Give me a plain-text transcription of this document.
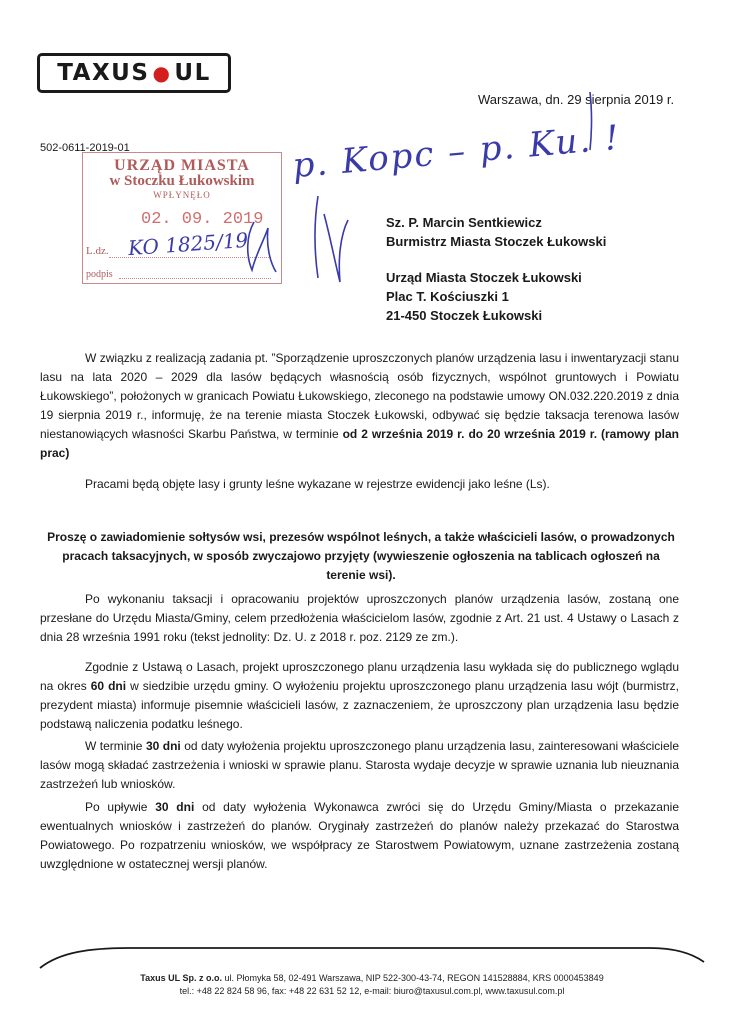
TAXUS ● UL
Warszawa, dn. 29 sierpnia 2019 r.
502-0611-2019-01
URZĄD MIASTA
w Stoczku Łukowskim
WPŁYNĘŁO
02. 09. 2019
L.dz.
podpis
KO 1825/19
p. Kopc – p. Ku. !
Sz. P. Marcin Sentkiewicz
Burmistrz Miasta Stoczek Łukowski
Urząd Miasta Stoczek Łukowski
Plac T. Kościuszki 1
21-450 Stoczek Łukowski
W związku z realizacją zadania pt. ”Sporządzenie uproszczonych planów urządzenia lasu i inwentaryzacji stanu lasu na lata 2020 – 2029 dla lasów będących własnością osób fizycznych, wspólnot gruntowych i Powiatu Łukowskiego”, położonych w granicach Powiatu Łukowskiego, zleconego na podstawie umowy ON.032.220.2019 z dnia 19 sierpnia 2019 r., informuję, że na terenie miasta Stoczek Łukowski, odbywać się będzie taksacja terenowa lasów niestanowiących własności Skarbu Państwa, w terminie od 2 września 2019 r. do 20 września 2019 r. (ramowy plan prac)
Pracami będą objęte lasy i grunty leśne wykazane w rejestrze ewidencji jako leśne (Ls).
Proszę o zawiadomienie sołtysów wsi, prezesów wspólnot leśnych, a także właścicieli lasów, o prowadzonych pracach taksacyjnych, w sposób zwyczajowo przyjęty (wywieszenie ogłoszenia na tablicach ogłoszeń na terenie wsi).
Po wykonaniu taksacji i opracowaniu projektów uproszczonych planów urządzenia lasów, zostaną one przesłane do Urzędu Miasta/Gminy, celem przedłożenia właścicielom lasów, zgodnie z Art. 21 ust. 4 Ustawy o Lasach z dnia 28 września 1991 roku (tekst jednolity: Dz. U. z 2018 r. poz. 2129 ze zm.).
Zgodnie z Ustawą o Lasach, projekt uproszczonego planu urządzenia lasu wykłada się do publicznego wglądu na okres 60 dni w siedzibie urzędu gminy. O wyłożeniu projektu uproszczonego planu urządzenia lasu wójt (burmistrz, prezydent miasta) informuje pisemnie właścicieli lasów, z zaznaczeniem, że uproszczony plan urządzenia lasu będzie podstawą naliczenia podatku leśnego.
W terminie 30 dni od daty wyłożenia projektu uproszczonego planu urządzenia lasu, zainteresowani właściciele lasów mogą składać zastrzeżenia i wnioski w sprawie planu. Starosta wydaje decyzje w sprawie uznania lub nieuznania zastrzeżeń lub wniosków.
Po upływie 30 dni od daty wyłożenia Wykonawca zwróci się do Urzędu Gminy/Miasta o przekazanie ewentualnych wniosków i zastrzeżeń do planów. Oryginały zastrzeżeń do planów należy przekazać do Starostwa Powiatowego. Po rozpatrzeniu wniosków, we współpracy ze Starostwem Powiatowym, uznane zastrzeżenia zostaną uwzględnione w ostatecznej wersji planów.
Taxus UL Sp. z o.o. ul. Płomyka 58, 02-491 Warszawa, NIP 522-300-43-74, REGON 141528884, KRS 0000453849
tel.: +48 22 824 58 96, fax: +48 22 631 52 12, e-mail: biuro@taxusul.com.pl, www.taxusul.com.pl
